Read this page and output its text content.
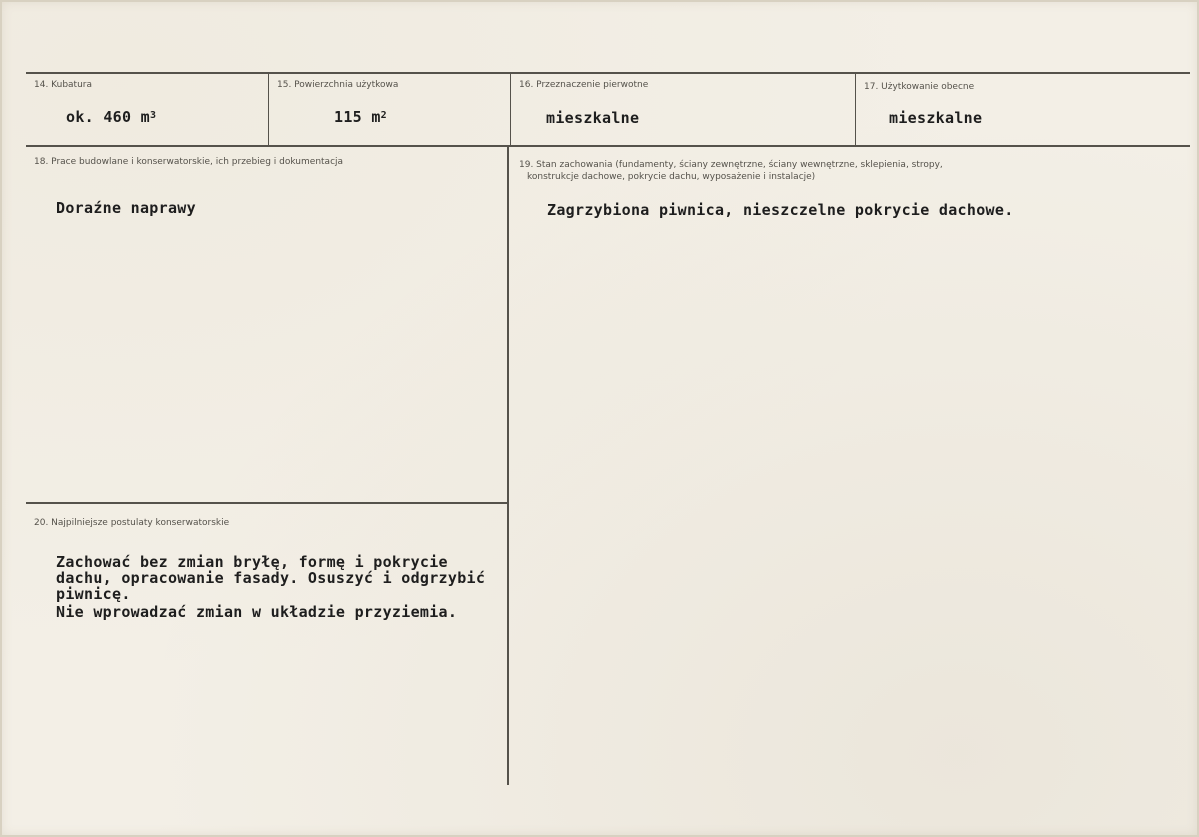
14. Kubatura
ok. 460 $m^3$
15. Powierzchnia użytkowa
115 $m^2$
16. Przeznaczenie pierwotne
mieszkalne
17. Użytkowanie obecne
mieszkalne
18. Prace budowlane i konserwatorskie, ich przebieg i dokumentacja
Doraźne naprawy
19. Stan zachowania (fundamenty, ściany zewnętrzne, ściany wewnętrzne, sklepienia, stropy,
konstrukcje dachowe, pokrycie dachu, wyposażenie i instalacje)
Zagrzybiona piwnica, nieszczelne pokrycie dachowe.
20. Najpilniejsze postulaty konserwatorskie
Zachować bez zmian bryłę, formę i pokrycie
dachu, opracowanie fasady. Osuszyć i odgrzybić
piwnicę.
Nie wprowadzać zmian w układzie przyziemia.
